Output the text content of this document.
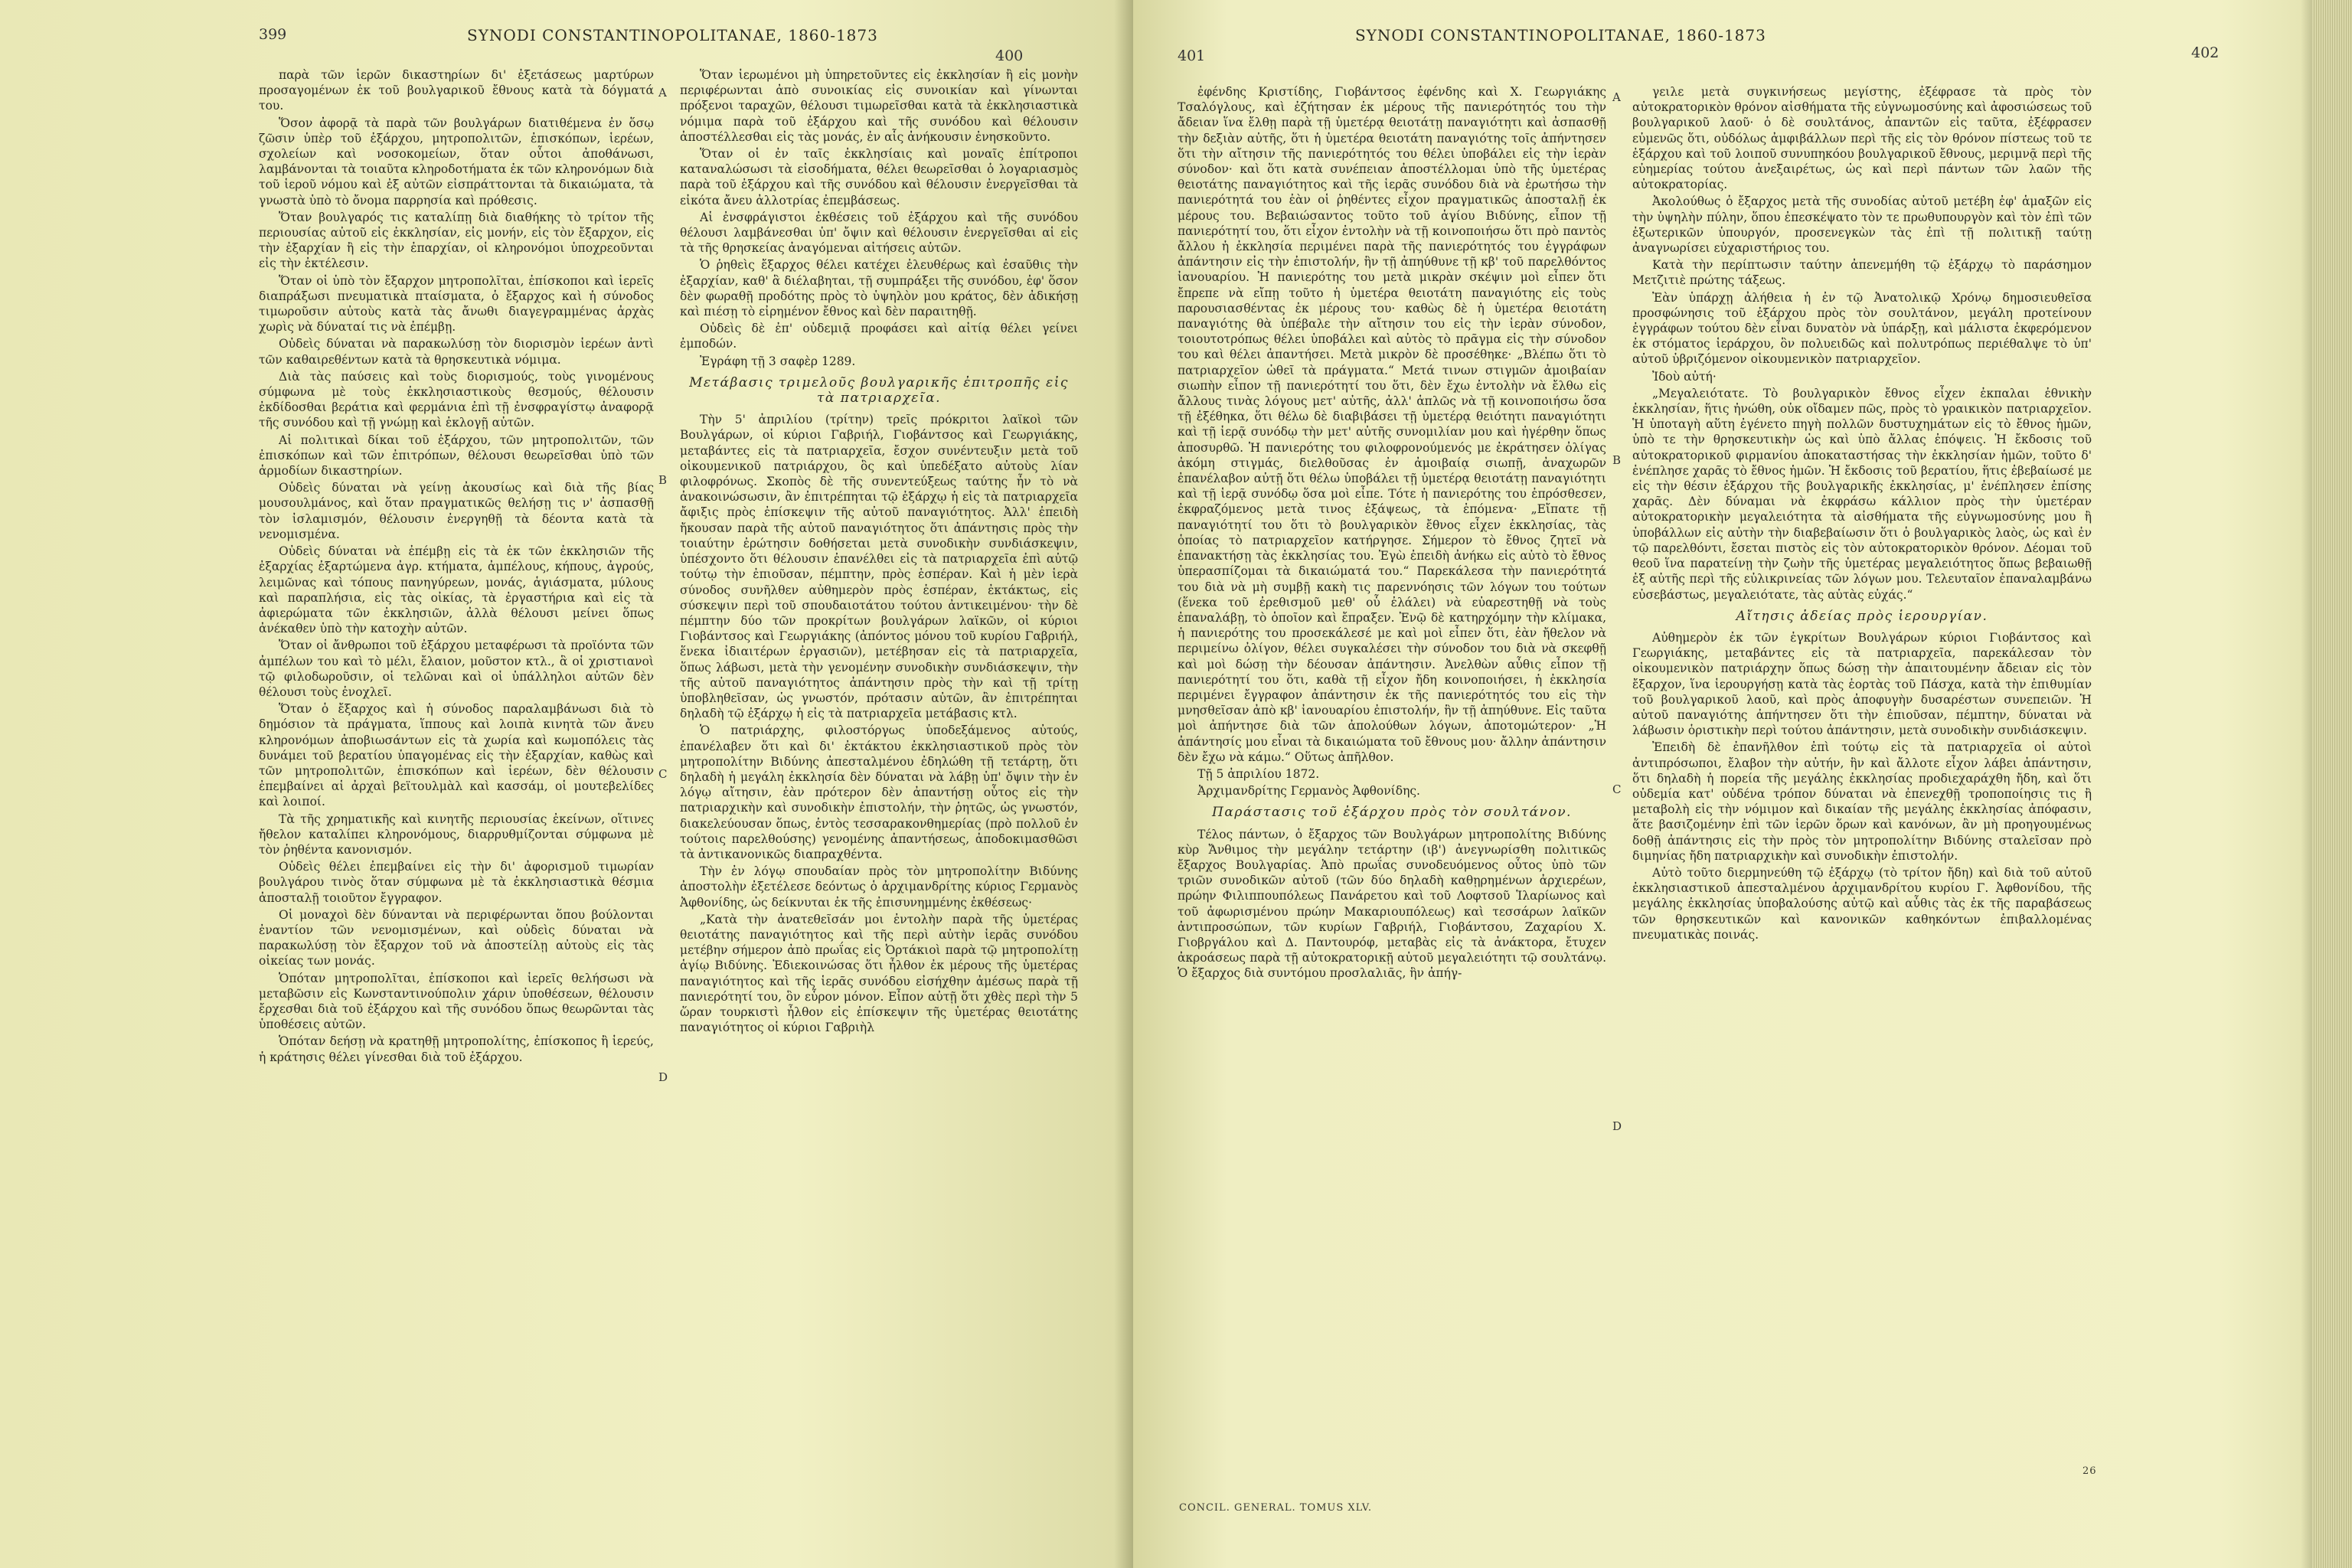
399	SYNODI CONSTANTINOPOLITANAE, 1860-1873
400

παρὰ τῶν ἱερῶν δικαστηρίων δι' ἐξετάσεως μαρτύρων προσαγομένων ἐκ τοῦ βουλγαρικοῦ ἔθνους κατὰ τὰ δόγματά του.

Ὅσον ἀφορᾷ τὰ παρὰ τῶν βουλγάρων διατιθέμενα ἐν ὅσῳ ζῶσιν ὑπὲρ τοῦ ἐξάρχου, μητροπολιτῶν, ἐπισκόπων, ἱερέων, σχολείων καὶ νοσοκομείων, ὅταν οὗτοι ἀποθάνωσι, λαμβάνονται τὰ τοιαῦτα κληροδοτήματα ἐκ τῶν κληρονόμων διὰ τοῦ ἱεροῦ νόμου καὶ ἐξ αὐτῶν εἰσπράττονται τὰ δικαιώματα, τὰ γνωστὰ ὑπὸ τὸ ὄνομα παρρησία καὶ πρόθεσις.

Ὅταν βουλγαρός τις καταλίπῃ διὰ διαθήκης τὸ τρίτον τῆς περιουσίας αὐτοῦ εἰς ἐκκλησίαν, εἰς μονήν, εἰς τὸν ἔξαρχον, εἰς τὴν ἐξαρχίαν ἢ εἰς τὴν ἐπαρχίαν, οἱ κληρονόμοι ὑποχρεοῦνται εἰς τὴν ἐκτέλεσιν.

Ὅταν οἱ ὑπὸ τὸν ἔξαρχον μητροπολῖται, ἐπίσκοποι καὶ ἱερεῖς διαπράξωσι πνευματικὰ πταίσματα, ὁ ἔξαρχος καὶ ἡ σύνοδος τιμωροῦσιν αὐτοὺς κατὰ τὰς ἄνωθι διαγεγραμμένας ἀρχὰς χωρὶς νὰ δύναταί τις νὰ ἐπέμβῃ.

Οὐδεὶς δύναται νὰ παρακωλύσῃ τὸν διορισμὸν ἱερέων ἀντὶ τῶν καθαιρεθέντων κατὰ τὰ θρησκευτικὰ νόμιμα.

Διὰ τὰς παύσεις καὶ τοὺς διορισμούς, τοὺς γινομένους σύμφωνα μὲ τοὺς ἐκκλησιαστικοὺς θεσμούς, θέλουσιν ἐκδίδοσθαι βεράτια καὶ φερμάνια ἐπὶ τῇ ἐνσφραγίστῳ ἀναφορᾷ τῆς συνόδου καὶ τῇ γνώμῃ καὶ ἐκλογῇ αὐτῶν.

Αἱ πολιτικαὶ δίκαι τοῦ ἐξάρχου, τῶν μητροπολιτῶν, τῶν ἐπισκόπων καὶ τῶν ἐπιτρόπων, θέλουσι θεωρεῖσθαι ὑπὸ τῶν ἁρμοδίων δικαστηρίων.

Οὐδεὶς δύναται νὰ γείνῃ ἀκουσίως καὶ διὰ τῆς βίας μουσουλμάνος, καὶ ὅταν πραγματικῶς θελήσῃ τις ν' ἀσπασθῇ τὸν ἰσλαμισμόν, θέλουσιν ἐνεργηθῇ τὰ δέοντα κατὰ τὰ νενομισμένα.

Οὐδεὶς δύναται νὰ ἐπέμβῃ εἰς τὰ ἐκ τῶν ἐκκλησιῶν τῆς ἐξαρχίας ἐξαρτώμενα ἀγρ. κτήματα, ἀμπέλους, κήπους, ἀγρούς, λειμῶνας καὶ τόπους πανηγύρεων, μονάς, ἁγιάσματα, μύλους καὶ παραπλήσια, εἰς τὰς οἰκίας, τὰ ἐργαστήρια καὶ εἰς τὰ ἀφιερώματα τῶν ἐκκλησιῶν, ἀλλὰ θέλουσι μείνει ὅπως ἀνέκαθεν ὑπὸ τὴν κατοχὴν αὐτῶν.

Ὅταν οἱ ἄνθρωποι τοῦ ἐξάρχου μεταφέρωσι τὰ προϊόντα τῶν ἀμπέλων του καὶ τὸ μέλι, ἔλαιον, μοῦστον κτλ., ἃ οἱ χριστιανοὶ τῷ φιλοδωροῦσιν, οἱ τελῶναι καὶ οἱ ὑπάλληλοι αὐτῶν δὲν θέλουσι τοὺς ἐνοχλεῖ.

Ὅταν ὁ ἔξαρχος καὶ ἡ σύνοδος παραλαμβάνωσι διὰ τὸ δημόσιον τὰ πράγματα, ἵππους καὶ λοιπὰ κινητὰ τῶν ἄνευ κληρονόμων ἀποβιωσάντων εἰς τὰ χωρία καὶ κωμοπόλεις τὰς δυνάμει τοῦ βερατίου ὑπαγομένας εἰς τὴν ἐξαρχίαν, καθὼς καὶ τῶν μητροπολιτῶν, ἐπισκόπων καὶ ἱερέων, δὲν θέλουσιν ἐπεμβαίνει αἱ ἀρχαὶ βεϊτουλμὰλ καὶ κασσάμ, οἱ μουτεβελίδες καὶ λοιποί.

Τὰ τῆς χρηματικῆς καὶ κινητῆς περιουσίας ἐκείνων, οἵτινες ἤθελον καταλίπει κληρονόμους, διαρρυθμίζονται σύμφωνα μὲ τὸν ῥηθέντα κανονισμόν.

Οὐδεὶς θέλει ἐπεμβαίνει εἰς τὴν δι' ἀφορισμοῦ τιμωρίαν βουλγάρου τινὸς ὅταν σύμφωνα μὲ τὰ ἐκκλησιαστικὰ θέσμια ἀποσταλῇ τοιοῦτον ἔγγραφον.

Οἱ μοναχοὶ δὲν δύνανται νὰ περιφέρωνται ὅπου βούλονται ἐναντίον τῶν νενομισμένων, καὶ οὐδεὶς δύναται νὰ παρακωλύσῃ τὸν ἔξαρχον τοῦ νὰ ἀποστείλῃ αὐτοὺς εἰς τὰς οἰκείας των μονάς.

Ὁπόταν μητροπολῖται, ἐπίσκοποι καὶ ἱερεῖς θελήσωσι νὰ μεταβῶσιν εἰς Κωνσταντινούπολιν χάριν ὑποθέσεων, θέλουσιν ἔρχεσθαι διὰ τοῦ ἐξάρχου καὶ τῆς συνόδου ὅπως θεωρῶνται τὰς ὑποθέσεις αὐτῶν.

Ὁπόταν δεήσῃ νὰ κρατηθῇ μητροπολίτης, ἐπίσκοπος ἢ ἱερεύς, ἡ κράτησις θέλει γίνεσθαι διὰ τοῦ ἐξάρχου.

Ὅταν ἱερωμένοι μὴ ὑπηρετοῦντες εἰς ἐκκλησίαν ἢ εἰς μονὴν περιφέρωνται ἀπὸ συνοικίας εἰς συνοικίαν καὶ γίνωνται πρόξενοι ταραχῶν, θέλουσι τιμωρεῖσθαι κατὰ τὰ ἐκκλησιαστικὰ νόμιμα παρὰ τοῦ ἐξάρχου καὶ τῆς συνόδου καὶ θέλουσιν ἀποστέλλεσθαι εἰς τὰς μονάς, ἐν αἷς ἀνήκουσιν ἐνησκοῦντο.

Ὅταν οἱ ἐν ταῖς ἐκκλησίαις καὶ μοναῖς ἐπίτροποι καταναλώσωσι τὰ εἰσοδήματα, θέλει θεωρεῖσθαι ὁ λογαριασμὸς παρὰ τοῦ ἐξάρχου καὶ τῆς συνόδου καὶ θέλουσιν ἐνεργεῖσθαι τὰ εἰκότα ἄνευ ἀλλοτρίας ἐπεμβάσεως.

Αἱ ἐνσφράγιστοι ἐκθέσεις τοῦ ἐξάρχου καὶ τῆς συνόδου θέλουσι λαμβάνεσθαι ὑπ' ὄψιν καὶ θέλουσιν ἐνεργεῖσθαι αἱ εἰς τὰ τῆς θρησκείας ἀναγόμεναι αἰτήσεις αὐτῶν.

Ὁ ῥηθεὶς ἔξαρχος θέλει κατέχει ἐλευθέρως καὶ ἐσαῦθις τὴν ἐξαρχίαν, καθ' ἃ διέλαβηται, τῇ συμπράξει τῆς συνόδου, ἐφ' ὅσον δὲν φωραθῇ προδότης πρὸς τὸ ὑψηλὸν μου κράτος, δὲν ἀδικήσῃ καὶ πιέσῃ τὸ εἰρημένον ἔθνος καὶ δὲν παραιτηθῇ.

Οὐδεὶς δὲ ἐπ' οὐδεμιᾷ προφάσει καὶ αἰτίᾳ θέλει γείνει ἐμποδών.

Ἐγράφη τῇ 3 σαφὲρ 1289.

Μετάβασις τριμελοῦς βουλγαρικῆς ἐπιτροπῆς εἰς τὰ πατριαρχεῖα.

Τὴν 5' ἀπριλίου (τρίτην) τρεῖς πρόκριτοι λαϊκοὶ τῶν Βουλγάρων, οἱ κύριοι Γαβριήλ, Γιοβάντσος καὶ Γεωργιάκης, μεταβάντες εἰς τὰ πατριαρχεῖα, ἔσχον συνέντευξιν μετὰ τοῦ οἰκουμενικοῦ πατριάρχου, ὃς καὶ ὑπεδέξατο αὐτοὺς λίαν φιλοφρόνως. Σκοπὸς δὲ τῆς συνεντεύξεως ταύτης ἦν τὸ νὰ ἀνακοινώσωσιν, ἂν ἐπιτρέπηται τῷ ἐξάρχῳ ἡ εἰς τὰ πατριαρχεῖα ἄφιξις πρὸς ἐπίσκεψιν τῆς αὐτοῦ παναγιότητος. Ἀλλ' ἐπειδὴ ἤκουσαν παρὰ τῆς αὐτοῦ παναγιότητος ὅτι ἀπάντησις πρὸς τὴν τοιαύτην ἐρώτησιν δοθήσεται μετὰ συνοδικὴν συνδιάσκεψιν, ὑπέσχοντο ὅτι θέλουσιν ἐπανέλθει εἰς τὰ πατριαρχεῖα ἐπὶ αὐτῷ τούτῳ τὴν ἐπιοῦσαν, πέμπτην, πρὸς ἑσπέραν. Καὶ ἡ μὲν ἱερὰ σύνοδος συνῆλθεν αὐθημερὸν πρὸς ἑσπέραν, ἐκτάκτως, εἰς σύσκεψιν περὶ τοῦ σπουδαιοτάτου τούτου ἀντικειμένου· τὴν δὲ πέμπτην δύο τῶν προκρίτων βουλγάρων λαϊκῶν, οἱ κύριοι Γιοβάντσος καὶ Γεωργιάκης (ἀπόντος μόνου τοῦ κυρίου Γαβριήλ, ἕνεκα ἰδιαιτέρων ἐργασιῶν), μετέβησαν εἰς τὰ πατριαρχεῖα, ὅπως λάβωσι, μετὰ τὴν γενομένην συνοδικὴν συνδιάσκεψιν, τὴν τῆς αὐτοῦ παναγιότητος ἀπάντησιν πρὸς τὴν καὶ τῇ τρίτῃ ὑποβληθεῖσαν, ὡς γνωστόν, πρότασιν αὐτῶν, ἂν ἐπιτρέπηται δηλαδὴ τῷ ἐξάρχῳ ἡ εἰς τὰ πατριαρχεῖα μετάβασις κτλ.

Ὁ πατριάρχης, φιλοστόργως ὑποδεξάμενος αὐτούς, ἐπανέλαβεν ὅτι καὶ δι' ἐκτάκτου ἐκκλησιαστικοῦ πρὸς τὸν μητροπολίτην Βιδύνης ἀπεσταλμένου ἐδηλώθη τῇ τετάρτῃ, ὅτι δηλαδὴ ἡ μεγάλη ἐκκλησία δὲν δύναται νὰ λάβῃ ὑπ' ὄψιν τὴν ἐν λόγῳ αἴτησιν, ἐὰν πρότερον δὲν ἀπαντήσῃ οὗτος εἰς τὴν πατριαρχικὴν καὶ συνοδικὴν ἐπιστολήν, τὴν ῥητῶς, ὡς γνωστόν, διακελεύουσαν ὅπως, ἐντὸς τεσσαρακονθημερίας (πρὸ πολλοῦ ἐν τούτοις παρελθούσης) γενομένης ἀπαντήσεως, ἀποδοκιμασθῶσι τὰ ἀντικανονικῶς διαπραχθέντα.

Τὴν ἐν λόγῳ σπουδαίαν πρὸς τὸν μητροπολίτην Βιδύνης ἀποστολὴν ἐξετέλεσε δεόντως ὁ ἀρχιμανδρίτης κύριος Γερμανὸς Ἀφθονίδης, ὡς δείκνυται ἐκ τῆς ἐπισυνημμένης ἐκθέσεως·

„Κατὰ τὴν ἀνατεθεῖσάν μοι ἐντολὴν παρὰ τῆς ὑμετέρας θειοτάτης παναγιότητος καὶ τῆς περὶ αὐτὴν ἱερᾶς συνόδου μετέβην σήμερον ἀπὸ πρωΐας εἰς Ὀρτάκιοὶ παρὰ τῷ μητροπολίτῃ ἁγίῳ Βιδύνης. Ἐδιεκοινώσας ὅτι ἦλθον ἐκ μέρους τῆς ὑμετέρας παναγιότητος καὶ τῆς ἱερᾶς συνόδου εἰσήχθην ἀμέσως παρὰ τῇ πανιερότητί του, ὃν εὗρον μόνον. Εἶπον αὐτῇ ὅτι χθὲς περὶ τὴν 5 ὥραν τουρκιστὶ ἦλθον εἰς ἐπίσκεψιν τῆς ὑμετέρας θειοτάτης παναγιότητος οἱ κύριοι Γαβριὴλ

A
B
C
D
401
SYNODI CONSTANTINOPOLITANAE, 1860-1873
402

ἐφένδης Κριστίδης, Γιοβάντσος ἐφένδης καὶ Χ. Γεωργιάκης Τσαλόγλους, καὶ ἐζήτησαν ἐκ μέρους τῆς πανιερότητός του τὴν ἄδειαν ἵνα ἔλθῃ παρὰ τῇ ὑμετέρᾳ θειοτάτῃ παναγιότητι καὶ ἀσπασθῇ τὴν δεξιὰν αὐτῆς, ὅτι ἡ ὑμετέρα θειοτάτη παναγιότης τοῖς ἀπήντησεν ὅτι τὴν αἴτησιν τῆς πανιερότητός του θέλει ὑποβάλει εἰς τὴν ἱερὰν σύνοδον· καὶ ὅτι κατὰ συνέπειαν ἀποστέλλομαι ὑπὸ τῆς ὑμετέρας θειοτάτης παναγιότητος καὶ τῆς ἱερᾶς συνόδου διὰ νὰ ἐρωτήσω τὴν πανιερότητά του ἐὰν οἱ ῥηθέντες εἶχον πραγματικῶς ἀποσταλῇ ἐκ μέρους του. Βεβαιώσαντος τοῦτο τοῦ ἁγίου Βιδύνης, εἶπον τῇ πανιερότητί του, ὅτι εἶχον ἐντολὴν νὰ τῇ κοινοποιήσω ὅτι πρὸ παντὸς ἄλλου ἡ ἐκκλησία περιμένει παρὰ τῆς πανιερότητός του ἐγγράφων ἀπάντησιν εἰς τὴν ἐπιστολήν, ἣν τῇ ἀπηύθυνε τῇ κβ' τοῦ παρελθόντος ἰανουαρίου. Ἡ πανιερότης του μετὰ μικρὰν σκέψιν μοὶ εἶπεν ὅτι ἔπρεπε νὰ εἴπῃ τοῦτο ἡ ὑμετέρα θειοτάτη παναγιότης εἰς τοὺς παρουσιασθέντας ἐκ μέρους του· καθὼς δὲ ἡ ὑμετέρα θειοτάτη παναγιότης θὰ ὑπέβαλε τὴν αἴτησιν του εἰς τὴν ἱερὰν σύνοδον, τοιουτοτρόπως θέλει ὑποβάλει καὶ αὐτὸς τὸ πρᾶγμα εἰς τὴν σύνοδον του καὶ θέλει ἀπαντήσει. Μετὰ μικρὸν δὲ προσέθηκε· „Βλέπω ὅτι τὸ πατριαρχεῖον ὠθεῖ τὰ πράγματα.“ Μετά τινων στιγμῶν ἀμοιβαίαν σιωπὴν εἶπον τῇ πανιερότητί του ὅτι, δὲν ἔχω ἐντολὴν νὰ ἔλθω εἰς ἄλλους τινὰς λόγους μετ' αὐτῆς, ἀλλ' ἁπλῶς νὰ τῇ κοινοποιήσω ὅσα τῇ ἐξέθηκα, ὅτι θέλω δὲ διαβιβάσει τῇ ὑμετέρᾳ θειότητι παναγιότητι καὶ τῇ ἱερᾷ συνόδῳ τὴν μετ' αὐτῆς συνομιλίαν μου καὶ ἠγέρθην ὅπως ἀποσυρθῶ. Ἡ πανιερότης του φιλοφρονούμενός με ἐκράτησεν ὀλίγας ἀκόμη στιγμάς, διελθοῦσας ἐν ἀμοιβαίᾳ σιωπῇ, ἀναχωρῶν ἐπανέλαβον αὐτῇ ὅτι θέλω ὑποβάλει τῇ ὑμετέρᾳ θειοτάτῃ παναγιότητι καὶ τῇ ἱερᾷ συνόδῳ ὅσα μοὶ εἶπε. Τότε ἡ πανιερότης του ἐπρόσθεσεν, ἐκφραζόμενος μετὰ τινος ἐξάψεως, τὰ ἑπόμενα· „Εἴπατε τῇ παναγιότητί του ὅτι τὸ βουλγαρικὸν ἔθνος εἶχεν ἐκκλησίας, τὰς ὁποίας τὸ πατριαρχεῖον κατήργησε. Σήμερον τὸ ἔθνος ζητεῖ νὰ ἐπανακτήσῃ τὰς ἐκκλησίας του. Ἐγὼ ἐπειδὴ ἀνήκω εἰς αὐτὸ τὸ ἔθνος ὑπερασπίζομαι τὰ δικαιώματά του.“ Παρεκάλεσα τὴν πανιερότητά του διὰ νὰ μὴ συμβῇ κακὴ τις παρεννόησις τῶν λόγων του τούτων (ἕνεκα τοῦ ἐρεθισμοῦ μεθ' οὗ ἐλάλει) νὰ εὐαρεστηθῇ νὰ τοὺς ἐπαναλάβῃ, τὸ ὁποῖον καὶ ἔπραξεν. Ἐνῷ δὲ κατηρχόμην τὴν κλίμακα, ἡ πανιερότης του προσεκάλεσέ με καὶ μοὶ εἶπεν ὅτι, ἐὰν ἤθελον νὰ περιμείνω ὀλίγον, θέλει συγκαλέσει τὴν σύνοδον του διὰ νὰ σκεφθῇ καὶ μοὶ δώσῃ τὴν δέουσαν ἀπάντησιν. Ἀνελθὼν αὖθις εἶπον τῇ πανιερότητί του ὅτι, καθὰ τῇ εἶχον ἤδη κοινοποιήσει, ἡ ἐκκλησία περιμένει ἔγγραφον ἀπάντησιν ἐκ τῆς πανιερότητός του εἰς τὴν μνησθεῖσαν ἀπὸ κβ' ἰανουαρίου ἐπιστολήν, ἣν τῇ ἀπηύθυνε. Εἰς ταῦτα μοὶ ἀπήντησε διὰ τῶν ἀπολούθων λόγων, ἀποτομώτερον· „Ἡ ἀπάντησίς μου εἶναι τὰ δικαιώματα τοῦ ἔθνους μου· ἄλλην ἀπάντησιν δὲν ἔχω νὰ κάμω.“ Οὕτως ἀπῆλθον.

Τῇ 5 ἀπριλίου 1872.

Ἀρχιμανδρίτης Γερμανὸς Ἀφθονίδης.

Παράστασις τοῦ ἐξάρχου πρὸς τὸν σουλτάνον.

Τέλος πάντων, ὁ ἔξαρχος τῶν Βουλγάρων μητροπολίτης Βιδύνης κὺρ Ἄνθιμος τὴν μεγάλην τετάρτην (ιβ') ἀνεγνωρίσθη πολιτικῶς ἔξαρχος Βουλγαρίας. Ἀπὸ πρωΐας συνοδευόμενος οὗτος ὑπὸ τῶν τριῶν συνοδικῶν αὐτοῦ (τῶν δύο δηλαδὴ καθῃρημένων ἀρχιερέων, πρώην Φιλιππουπόλεως Πανάρετου καὶ τοῦ Λοφτσοῦ Ἱλαρίωνος καὶ τοῦ ἀφωρισμένου πρώην Μακαριουπόλεως) καὶ τεσσάρων λαϊκῶν ἀντιπροσώπων, τῶν κυρίων Γαβριήλ, Γιοβάντσου, Ζαχαρίου Χ. Γιοβργάλου καὶ Δ. Παντουρόφ, μεταβὰς εἰς τὰ ἀνάκτορα, ἔτυχεν ἀκροάσεως παρὰ τῇ αὐτοκρατορικῇ αὐτοῦ μεγαλειότητι τῷ σουλτάνῳ. Ὁ ἔξαρχος διὰ συντόμου προσλαλιᾶς, ἣν ἀπήγ-

γειλε μετὰ συγκινήσεως μεγίστης, ἐξέφρασε τὰ πρὸς τὸν αὐτοκρατορικὸν θρόνον αἰσθήματα τῆς εὐγνωμοσύνης καὶ ἀφοσιώσεως τοῦ βουλγαρικοῦ λαοῦ· ὁ δὲ σουλτάνος, ἀπαντῶν εἰς ταῦτα, ἐξέφρασεν εὐμενῶς ὅτι, οὐδόλως ἀμφιβάλλων περὶ τῆς εἰς τὸν θρόνον πίστεως τοῦ τε ἐξάρχου καὶ τοῦ λοιποῦ συνυπηκόου βουλγαρικοῦ ἔθνους, μεριμνᾷ περὶ τῆς εὐημερίας τούτου ἀνεξαιρέτως, ὡς καὶ περὶ πάντων τῶν λαῶν τῆς αὐτοκρατορίας.

Ἀκολούθως ὁ ἔξαρχος μετὰ τῆς συνοδίας αὐτοῦ μετέβη ἐφ' ἁμαξῶν εἰς τὴν ὑψηλὴν πύλην, ὅπου ἐπεσκέψατο τὸν τε πρωθυπουργὸν καὶ τὸν ἐπὶ τῶν ἐξωτερικῶν ὑπουργόν, προσενεγκὼν τὰς ἐπὶ τῇ πολιτικῇ ταύτῃ ἀναγνωρίσει εὐχαριστήριος του.

Κατὰ τὴν περίπτωσιν ταύτην ἀπενεμήθη τῷ ἐξάρχῳ τὸ παράσημον Μετζιτιὲ πρώτης τάξεως.

Ἐὰν ὑπάρχῃ ἀλήθεια ἡ ἐν τῷ Ἀνατολικῷ Χρόνῳ δημοσιευθεῖσα προσφώνησις τοῦ ἐξάρχου πρὸς τὸν σουλτάνον, μεγάλη προτείνουν ἐγγράφων τούτου δὲν εἶναι δυνατὸν νὰ ὑπάρξῃ, καὶ μάλιστα ἐκφερόμενον ἐκ στόματος ἱεράρχου, ὃν πολυειδῶς καὶ πολυτρόπως περιέθαλψε τὸ ὑπ' αὐτοῦ ὑβριζόμενον οἰκουμενικὸν πατριαρχεῖον.

Ἰδοὺ αὐτή·

„Μεγαλειότατε. Τὸ βουλγαρικὸν ἔθνος εἶχεν ἐκπαλαι ἐθνικὴν ἐκκλησίαν, ἥτις ἠνώθη, οὐκ οἴδαμεν πῶς, πρὸς τὸ γραικικὸν πατριαρχεῖον. Ἡ ὑποταγὴ αὕτη ἐγένετο πηγὴ πολλῶν δυστυχημάτων εἰς τὸ ἔθνος ἡμῶν, ὑπὸ τε τὴν θρησκευτικὴν ὡς καὶ ὑπὸ ἄλλας ἐπόψεις. Ἡ ἔκδοσις τοῦ αὐτοκρατορικοῦ φιρμανίου ἀποκαταστήσας τὴν ἐκκλησίαν ἡμῶν, τοῦτο δ' ἐνέπλησε χαρᾶς τὸ ἔθνος ἡμῶν. Ἡ ἔκδοσις τοῦ βερατίου, ἥτις ἐβεβαίωσέ με εἰς τὴν θέσιν ἐξάρχου τῆς βουλγαρικῆς ἐκκλησίας, μ' ἐνέπλησεν ἐπίσης χαρᾶς. Δὲν δύναμαι νὰ ἐκφράσω κάλλιον πρὸς τὴν ὑμετέραν αὐτοκρατορικὴν μεγαλειότητα τὰ αἰσθήματα τῆς εὐγνωμοσύνης μου ἢ ὑποβάλλων εἰς αὐτὴν τὴν διαβεβαίωσιν ὅτι ὁ βουλγαρικὸς λαὸς, ὡς καὶ ἐν τῷ παρελθόντι, ἔσεται πιστὸς εἰς τὸν αὐτοκρατορικὸν θρόνον. Δέομαι τοῦ θεοῦ ἵνα παρατείνῃ τὴν ζωὴν τῆς ὑμετέρας μεγαλειότητος ὅπως βεβαιωθῇ ἐξ αὐτῆς περὶ τῆς εὐλικρινείας τῶν λόγων μου. Τελευταῖον ἐπαναλαμβάνω εὐσεβάστως, μεγαλειότατε, τὰς αὐτὰς εὐχάς.“

Αἴτησις ἀδείας πρὸς ἱερουργίαν.

Αὐθημερὸν ἐκ τῶν ἐγκρίτων Βουλγάρων κύριοι Γιοβάντσος καὶ Γεωργιάκης, μεταβάντες εἰς τὰ πατριαρχεῖα, παρεκάλεσαν τὸν οἰκουμενικὸν πατριάρχην ὅπως δώσῃ τὴν ἀπαιτουμένην ἄδειαν εἰς τὸν ἔξαρχον, ἵνα ἱερουργήσῃ κατὰ τὰς ἑορτὰς τοῦ Πάσχα, κατὰ τὴν ἐπιθυμίαν τοῦ βουλγαρικοῦ λαοῦ, καὶ πρὸς ἀποφυγὴν δυσαρέστων συνεπειῶν. Ἡ αὐτοῦ παναγιότης ἀπήντησεν ὅτι τὴν ἐπιοῦσαν, πέμπτην, δύναται νὰ λάβωσιν ὁριστικὴν περὶ τούτου ἀπάντησιν, μετὰ συνοδικὴν συνδιάσκεψιν.

Ἐπειδὴ δὲ ἐπανῆλθον ἐπὶ τούτῳ εἰς τὰ πατριαρχεῖα οἱ αὐτοὶ ἀντιπρόσωποι, ἔλαβον τὴν αὐτήν, ἣν καὶ ἄλλοτε εἶχον λάβει ἀπάντησιν, ὅτι δηλαδὴ ἡ πορεία τῆς μεγάλης ἐκκλησίας προδιεχαράχθη ἤδη, καὶ ὅτι οὐδεμία κατ' οὐδένα τρόπον δύναται νὰ ἐπενεχθῇ τροποποίησις τις ἢ μεταβολὴ εἰς τὴν νόμιμον καὶ δικαίαν τῆς μεγάλης ἐκκλησίας ἀπόφασιν, ἅτε βασιζομένην ἐπὶ τῶν ἱερῶν ὅρων καὶ κανόνων, ἂν μὴ προηγουμένως δοθῇ ἀπάντησις εἰς τὴν πρὸς τὸν μητροπολίτην Βιδύνης σταλεῖσαν πρὸ διμηνίας ἤδη πατριαρχικὴν καὶ συνοδικὴν ἐπιστολήν.

Αὐτὸ τοῦτο διερμηνεύθη τῷ ἐξάρχῳ (τὸ τρίτον ἤδη) καὶ διὰ τοῦ αὐτοῦ ἐκκλησιαστικοῦ ἀπεσταλμένου ἀρχιμανδρίτου κυρίου Γ. Ἀφθονίδου, τῆς μεγάλης ἐκκλησίας ὑποβαλούσης αὐτῷ καὶ αὖθις τὰς ἐκ τῆς παραβάσεως τῶν θρησκευτικῶν καὶ κανονικῶν καθηκόντων ἐπιβαλλομένας πνευματικὰς ποινάς.

A
B
C
D
CONCIL. GENERAL. TOMUS XLV.
26
